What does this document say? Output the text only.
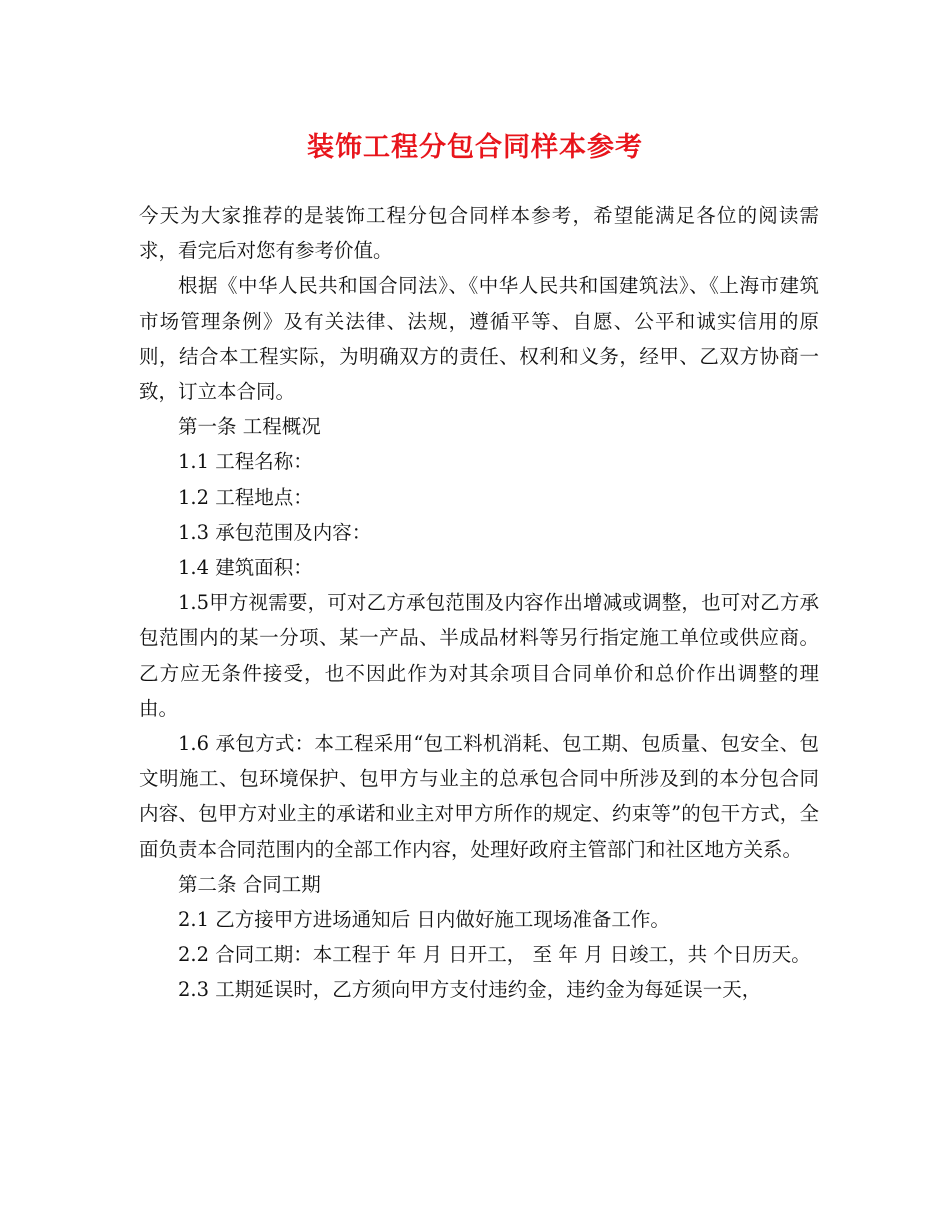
装饰工程分包合同样本参考

今天为大家推荐的是装饰工程分包合同样本参考，希望能满足各位的阅读需求，看完后对您有参考价值。

根据《中华人民共和国合同法》、《中华人民共和国建筑法》、《上海市建筑市场管理条例》及有关法律、法规，遵循平等、自愿、公平和诚实信用的原则，结合本工程实际，为明确双方的责任、权利和义务，经甲、乙双方协商一致，订立本合同。

第一条 工程概况

1.1 工程名称：

1.2 工程地点：

1.3 承包范围及内容：

1.4 建筑面积：

1.5甲方视需要，可对乙方承包范围及内容作出增减或调整，也可对乙方承包范围内的某一分项、某一产品、半成品材料等另行指定施工单位或供应商。乙方应无条件接受，也不因此作为对其余项目合同单价和总价作出调整的理由。

1.6 承包方式：本工程采用“包工料机消耗、包工期、包质量、包安全、包文明施工、包环境保护、包甲方与业主的总承包合同中所涉及到的本分包合同内容、包甲方对业主的承诺和业主对甲方所作的规定、约束等”的包干方式，全面负责本合同范围内的全部工作内容，处理好政府主管部门和社区地方关系。

第二条 合同工期

2.1 乙方接甲方进场通知后 日内做好施工现场准备工作。

2.2 合同工期：本工程于 年 月 日开工， 至 年 月 日竣工，共 个日历天。

2.3 工期延误时，乙方须向甲方支付违约金，违约金为每延误一天，
